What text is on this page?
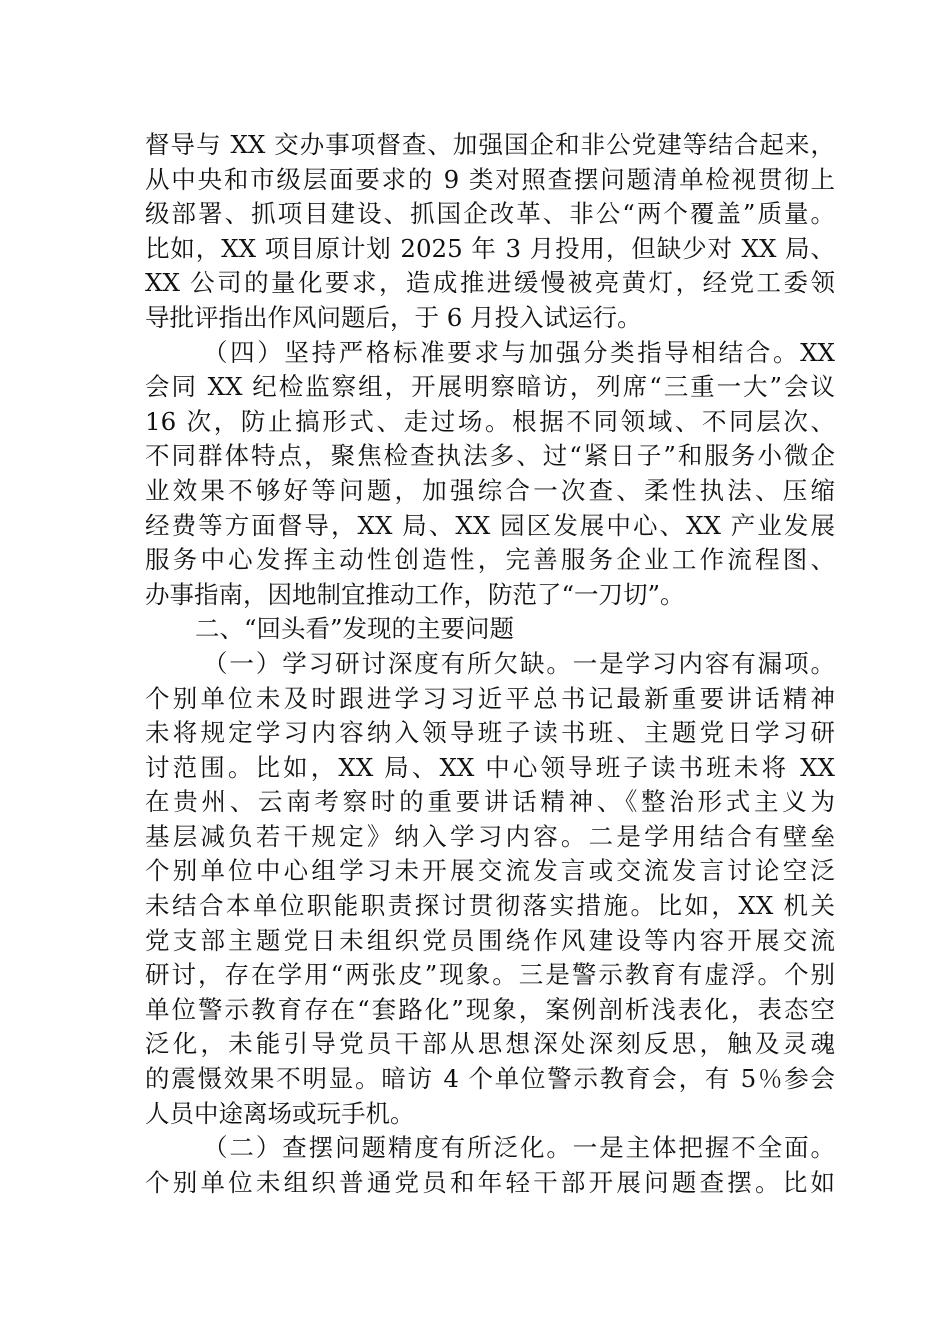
督导与 XX 交办事项督查、加强国企和非公党建等结合起来，
从中央和市级层面要求的 9 类对照查摆问题清单检视贯彻上
级部署、抓项目建设、抓国企改革、非公“两个覆盖”质量。
比如，XX 项目原计划 2025 年 3 月投用，但缺少对 XX 局、
XX 公司的量化要求，造成推进缓慢被亮黄灯，经党工委领
导批评指出作风问题后，于 6 月投入试运行。
（四）坚持严格标准要求与加强分类指导相结合。XX
会同 XX 纪检监察组，开展明察暗访，列席“三重一大”会议
16 次，防止搞形式、走过场。根据不同领域、不同层次、
不同群体特点，聚焦检查执法多、过“紧日子”和服务小微企
业效果不够好等问题，加强综合一次查、柔性执法、压缩
经费等方面督导，XX 局、XX 园区发展中心、XX 产业发展
服务中心发挥主动性创造性，完善服务企业工作流程图、
办事指南，因地制宜推动工作，防范了“一刀切”。
二、“回头看”发现的主要问题
（一）学习研讨深度有所欠缺。一是学习内容有漏项。
个别单位未及时跟进学习习近平总书记最新重要讲话精神
未将规定学习内容纳入领导班子读书班、主题党日学习研
讨范围。比如，XX 局、XX 中心领导班子读书班未将 XX
在贵州、云南考察时的重要讲话精神、《整治形式主义为
基层减负若干规定》纳入学习内容。二是学用结合有壁垒
个别单位中心组学习未开展交流发言或交流发言讨论空泛
未结合本单位职能职责探讨贯彻落实措施。比如，XX 机关
党支部主题党日未组织党员围绕作风建设等内容开展交流
研讨，存在学用“两张皮”现象。三是警示教育有虚浮。个别
单位警示教育存在“套路化”现象，案例剖析浅表化，表态空
泛化，未能引导党员干部从思想深处深刻反思，触及灵魂
的震慑效果不明显。暗访 4 个单位警示教育会，有 5％参会
人员中途离场或玩手机。
（二）查摆问题精度有所泛化。一是主体把握不全面。
个别单位未组织普通党员和年轻干部开展问题查摆。比如
